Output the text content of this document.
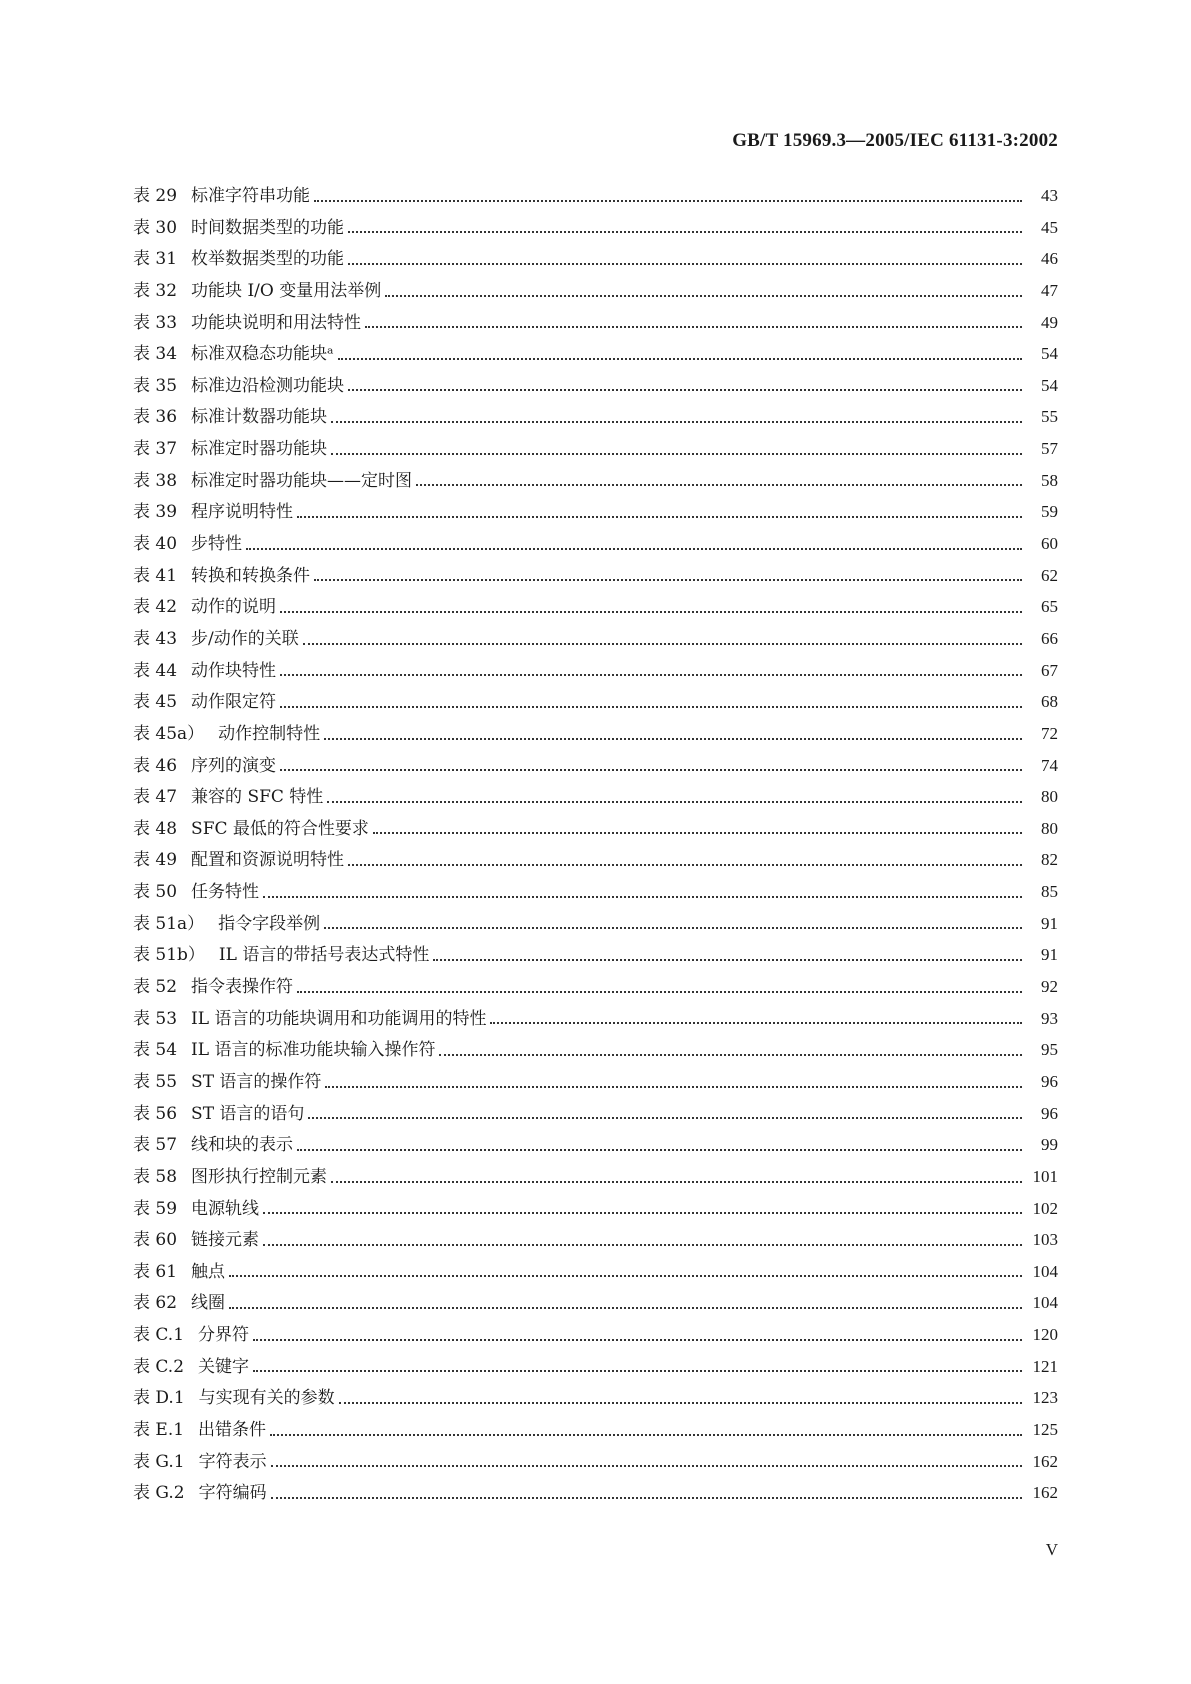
GB/T 15969.3—2005/IEC 61131-3:2002
表 29 标准字符串功能	43
表 30 时间数据类型的功能	45
表 31 枚举数据类型的功能	46
表 32 功能块 I/O 变量用法举例	47
表 33 功能块说明和用法特性	49
表 34 标准双稳态功能块ᵃ	54
表 35 标准边沿检测功能块	54
表 36 标准计数器功能块	55
表 37 标准定时器功能块	57
表 38 标准定时器功能块——定时图	58
表 39 程序说明特性	59
表 40 步特性	60
表 41 转换和转换条件	62
表 42 动作的说明	65
表 43 步/动作的关联	66
表 44 动作块特性	67
表 45 动作限定符	68
表 45a） 动作控制特性	72
表 46 序列的演变	74
表 47 兼容的 SFC 特性	80
表 48 SFC 最低的符合性要求	80
表 49 配置和资源说明特性	82
表 50 任务特性	85
表 51a） 指令字段举例	91
表 51b） IL 语言的带括号表达式特性	91
表 52 指令表操作符	92
表 53 IL 语言的功能块调用和功能调用的特性	93
表 54 IL 语言的标准功能块输入操作符	95
表 55 ST 语言的操作符	96
表 56 ST 语言的语句	96
表 57 线和块的表示	99
表 58 图形执行控制元素	101
表 59 电源轨线	102
表 60 链接元素	103
表 61 触点	104
表 62 线圈	104
表 C.1 分界符	120
表 C.2 关键字	121
表 D.1 与实现有关的参数	123
表 E.1 出错条件	125
表 G.1 字符表示	162
表 G.2 字符编码	162
V
